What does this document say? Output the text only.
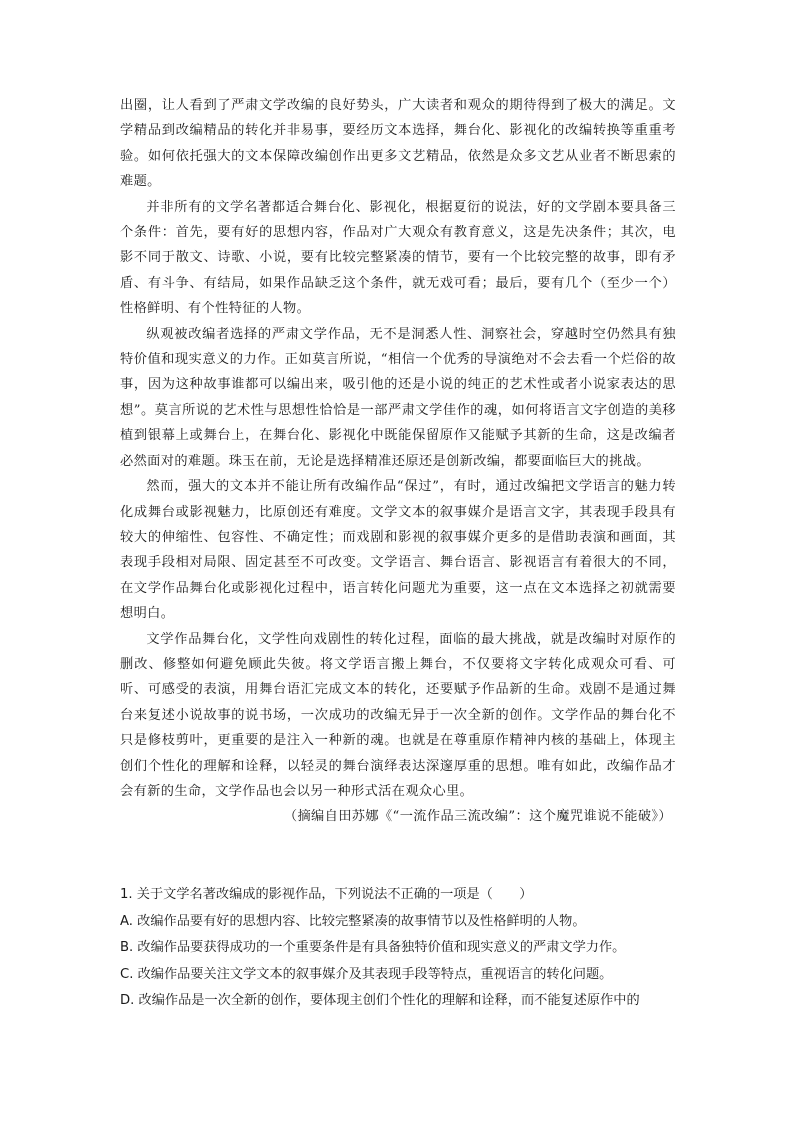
出圈，让人看到了严肃文学改编的良好势头，广大读者和观众的期待得到了极大的满足。文学精品到改编精品的转化并非易事，要经历文本选择，舞台化、影视化的改编转换等重重考验。如何依托强大的文本保障改编创作出更多文艺精品，依然是众多文艺从业者不断思索的难题。

并非所有的文学名著都适合舞台化、影视化，根据夏衍的说法，好的文学剧本要具备三个条件：首先，要有好的思想内容，作品对广大观众有教育意义，这是先决条件；其次，电影不同于散文、诗歌、小说，要有比较完整紧凑的情节，要有一个比较完整的故事，即有矛盾、有斗争、有结局，如果作品缺乏这个条件，就无戏可看；最后，要有几个（至少一个）性格鲜明、有个性特征的人物。

纵观被改编者选择的严肃文学作品，无不是洞悉人性、洞察社会，穿越时空仍然具有独特价值和现实意义的力作。正如莫言所说，“相信一个优秀的导演绝对不会去看一个烂俗的故事，因为这种故事谁都可以编出来，吸引他的还是小说的纯正的艺术性或者小说家表达的思想”。莫言所说的艺术性与思想性恰恰是一部严肃文学佳作的魂，如何将语言文字创造的美移植到银幕上或舞台上，在舞台化、影视化中既能保留原作又能赋予其新的生命，这是改编者必然面对的难题。珠玉在前，无论是选择精准还原还是创新改编，都要面临巨大的挑战。

然而，强大的文本并不能让所有改编作品“保过”，有时，通过改编把文学语言的魅力转化成舞台或影视魅力，比原创还有难度。文学文本的叙事媒介是语言文字，其表现手段具有较大的伸缩性、包容性、不确定性；而戏剧和影视的叙事媒介更多的是借助表演和画面，其表现手段相对局限、固定甚至不可改变。文学语言、舞台语言、影视语言有着很大的不同，在文学作品舞台化或影视化过程中，语言转化问题尤为重要，这一点在文本选择之初就需要想明白。

文学作品舞台化，文学性向戏剧性的转化过程，面临的最大挑战，就是改编时对原作的删改、修整如何避免顾此失彼。将文学语言搬上舞台，不仅要将文字转化成观众可看、可听、可感受的表演，用舞台语汇完成文本的转化，还要赋予作品新的生命。戏剧不是通过舞台来复述小说故事的说书场，一次成功的改编无异于一次全新的创作。文学作品的舞台化不只是修枝剪叶，更重要的是注入一种新的魂。也就是在尊重原作精神内核的基础上，体现主创们个性化的理解和诠释，以轻灵的舞台演绎表达深邃厚重的思想。唯有如此，改编作品才会有新的生命，文学作品也会以另一种形式活在观众心里。

（摘编自田苏娜《“一流作品三流改编”：这个魔咒谁说不能破》）

1. 关于文学名著改编成的影视作品，下列说法不正确的一项是（　　）
A. 改编作品要有好的思想内容、比较完整紧凑的故事情节以及性格鲜明的人物。
B. 改编作品要获得成功的一个重要条件是有具备独特价值和现实意义的严肃文学力作。
C. 改编作品要关注文学文本的叙事媒介及其表现手段等特点，重视语言的转化问题。
D. 改编作品是一次全新的创作，要体现主创们个性化的理解和诠释，而不能复述原作中的
